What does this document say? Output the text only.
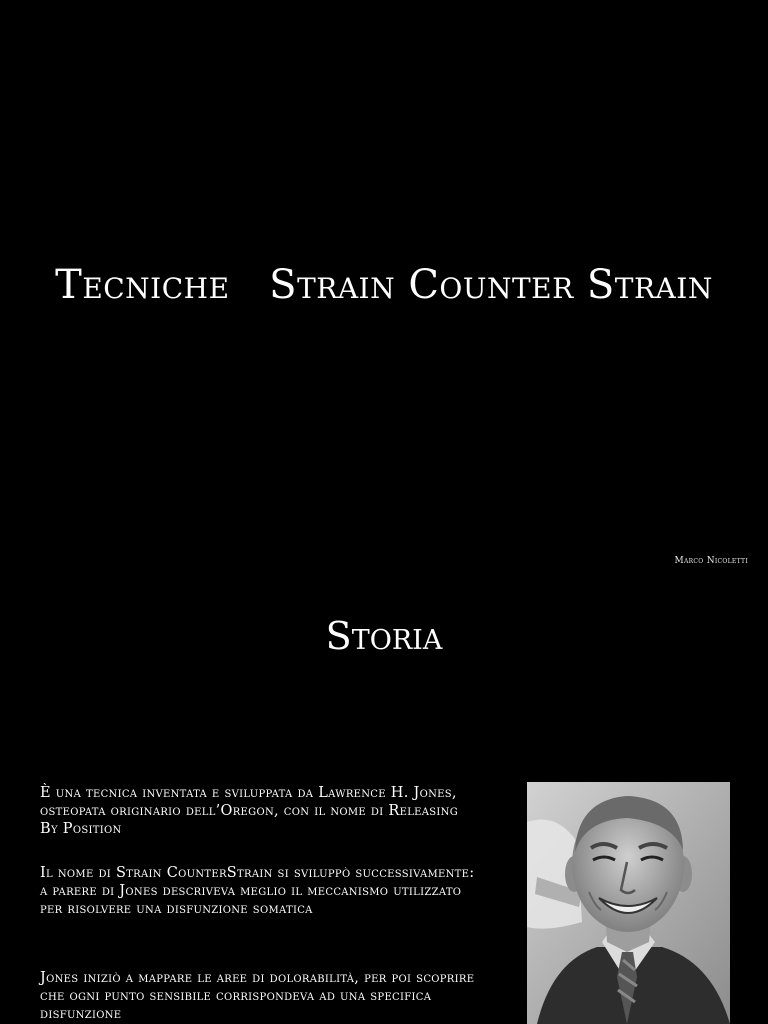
Tecniche   Strain Counter Strain
Marco Nicoletti
Storia

È una tecnica inventata e sviluppata da Lawrence H. Jones, osteopata originario dell’Oregon, con il nome di Releasing By Position

Il nome di Strain CounterStrain si sviluppò successivamente: a parere di Jones descriveva meglio il meccanismo utilizzato per risolvere una disfunzione somatica

Jones iniziò a mappare le aree di dolorabilità, per poi scoprire che ogni punto sensibile corrispondeva ad una specifica disfunzione
